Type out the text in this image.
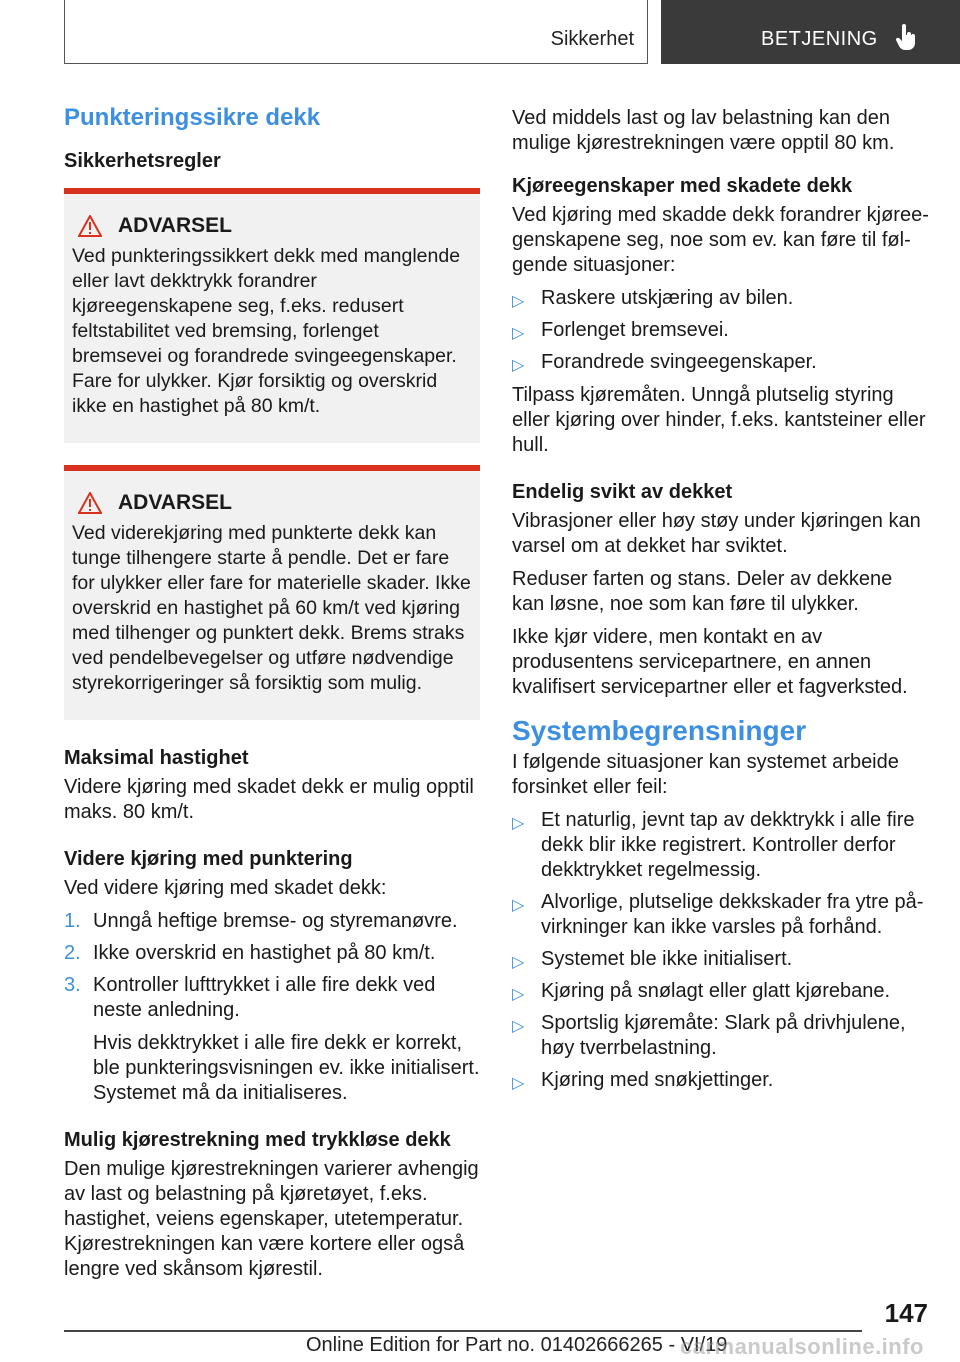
Sikkerhet	BETJENING
Punkteringssikre dekk
Sikkerhetsregler
ADVARSEL

Ved punkteringssikkert dekk med manglende eller lavt dekktrykk forandrer kjøreegenskapene seg, f.eks. redusert feltstabilitet ved bremsing, forlenget bremsevei og forandrede svingeegenskaper. Fare for ulykker. Kjør forsiktig og overskrid ikke en hastighet på 80 km/t.

ADVARSEL

Ved viderekjøring med punkterte dekk kan tunge tilhengere starte å pendle. Det er fare for ulykker eller fare for materielle skader. Ikke overskrid en hastighet på 60 km/t ved kjøring med tilhenger og punktert dekk. Brems straks ved pendelbevegelser og utføre nødvendige styrekorrigeringer så forsiktig som mulig.

Maksimal hastighet

Videre kjøring med skadet dekk er mulig opptil maks. 80 km/t.

Videre kjøring med punktering

Ved videre kjøring med skadet dekk:

1. Unngå heftige bremse- og styremanøvre.
2. Ikke overskrid en hastighet på 80 km/t.
3. Kontroller lufttrykket i alle fire dekk ved neste anledning.

Hvis dekktrykket i alle fire dekk er korrekt, ble punkteringsvisningen ev. ikke initialisert. Systemet må da initialiseres.

Mulig kjørestrekning med trykkløse dekk

Den mulige kjørestrekningen varierer avhengig av last og belastning på kjøretøyet, f.eks. hastighet, veiens egenskaper, utetemperatur. Kjørestrekningen kan være kortere eller også lengre ved skånsom kjørestil.

Ved middels last og lav belastning kan den mulige kjørestrekningen være opptil 80 km.

Kjøreegenskaper med skadete dekk

Ved kjøring med skadde dekk forandrer kjøreegenskapene seg, noe som ev. kan føre til følgende situasjoner:

▷ Raskere utskjæring av bilen.
▷ Forlenget bremsevei.
▷ Forandrede svingeegenskaper.

Tilpass kjøremåten. Unngå plutselig styring eller kjøring over hinder, f.eks. kantsteiner eller hull.

Endelig svikt av dekket

Vibrasjoner eller høy støy under kjøringen kan varsel om at dekket har sviktet.

Reduser farten og stans. Deler av dekkene kan løsne, noe som kan føre til ulykker.

Ikke kjør videre, men kontakt en av produsentens servicepartnere, en annen kvalifisert servicepartner eller et fagverksted.

Systembegrensninger

I følgende situasjoner kan systemet arbeide forsinket eller feil:

▷ Et naturlig, jevnt tap av dekktrykk i alle fire dekk blir ikke registrert. Kontroller derfor dekktrykket regelmessig.
▷ Alvorlige, plutselige dekkskader fra ytre påvirkninger kan ikke varsles på forhånd.
▷ Systemet ble ikke initialisert.
▷ Kjøring på snølagt eller glatt kjørebane.
▷ Sportslig kjøremåte: Slark på drivhjulene, høy tverrbelastning.
▷ Kjøring med snøkjettinger.
147
Online Edition for Part no. 01402666265 - VI/19
carmanualsonline.info
